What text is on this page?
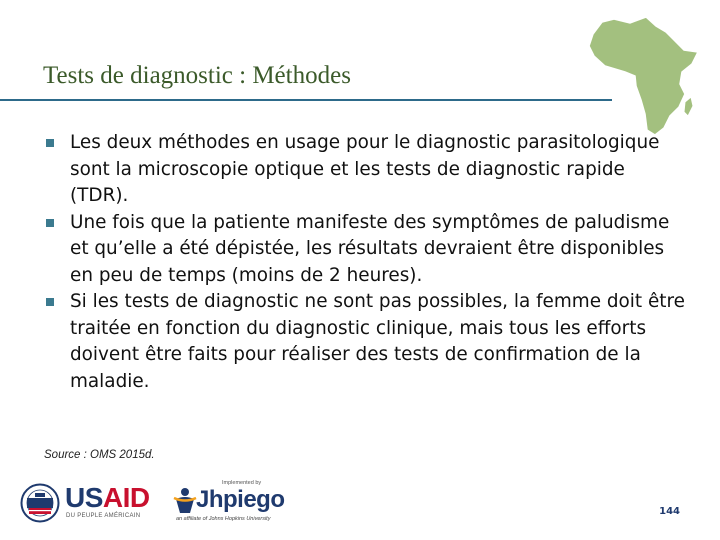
Tests de diagnostic : Méthodes
Les deux méthodes en usage pour le diagnostic parasitologique sont la microscopie optique et les tests de diagnostic rapide (TDR).
Une fois que la patiente manifeste des symptômes de paludisme et qu’elle a été dépistée, les résultats devraient être disponibles en peu de temps (moins de 2 heures).
Si les tests de diagnostic ne sont pas possibles, la femme doit être traitée en fonction du diagnostic clinique, mais tous les efforts doivent être faits pour réaliser des tests de confirmation de la maladie.
Source : OMS 2015d.
USAID
DU PEUPLE AMÉRICAIN
Implemented by
Jhpiego
an affiliate of Johns Hopkins University
144
